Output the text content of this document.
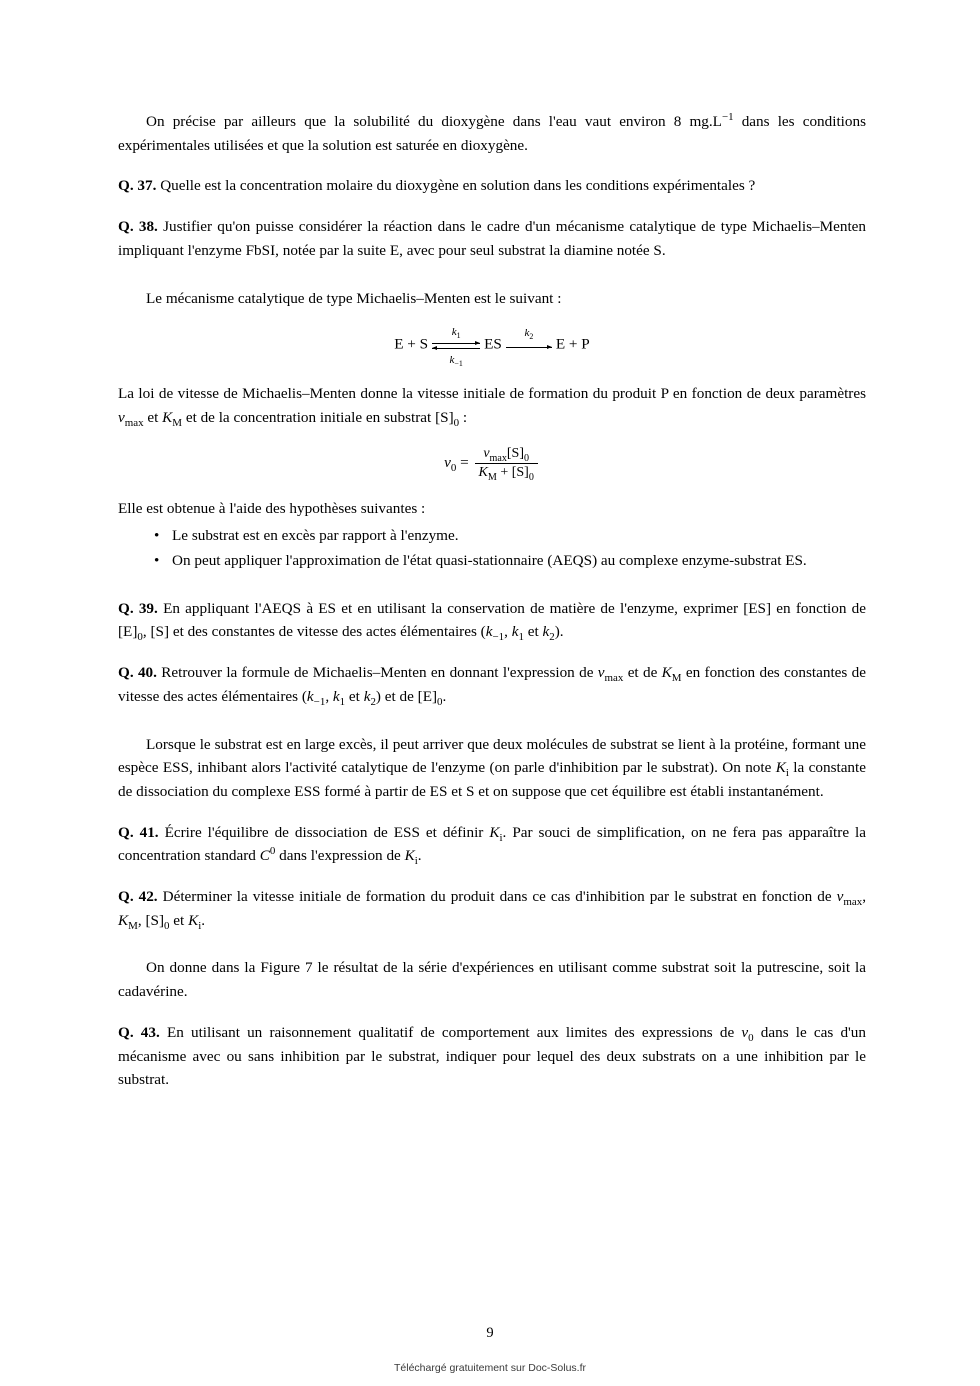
On précise par ailleurs que la solubilité du dioxygène dans l'eau vaut environ 8 $mg.L^{-1}$ dans les conditions expérimentales utilisées et que la solution est saturée en dioxygène.

Q. 37. Quelle est la concentration molaire du dioxygène en solution dans les conditions expérimentales ?

Q. 38. Justifier qu'on puisse considérer la réaction dans le cadre d'un mécanisme catalytique de type Michaelis–Menten impliquant l'enzyme FbSI, notée par la suite E, avec pour seul substrat la diamine notée S.

Le mécanisme catalytique de type Michaelis–Menten est le suivant :

E + S $\frac{k_1}{k_{-1}}$ ES
$k_2$ E + P

La loi de vitesse de Michaelis–Menten donne la vitesse initiale de formation du produit P en fonction de deux paramètres $v_{max}$ et $K_M$ et de la concentration initiale en substrat $[S]_0$ :

$v_0 = \frac{v_{max}[S]_0}{K_M + [S]_0}$

Elle est obtenue à l'aide des hypothèses suivantes :

• Le substrat est en excès par rapport à l'enzyme.
• On peut appliquer l'approximation de l'état quasi-stationnaire (AEQS) au complexe enzyme-substrat ES.

Q. 39. En appliquant l'AEQS à ES et en utilisant la conservation de matière de l'enzyme, exprimer [ES] en fonction de $[E]_0$, [S] et des constantes de vitesse des actes élémentaires ($k_{-1}$, $k_1$ et $k_2$).

Q. 40. Retrouver la formule de Michaelis–Menten en donnant l'expression de $v_{max}$ et de $K_M$ en fonction des constantes de vitesse des actes élémentaires ($k_{-1}$, $k_1$ et $k_2$) et de $[E]_0$.

Lorsque le substrat est en large excès, il peut arriver que deux molécules de substrat se lient à la protéine, formant une espèce ESS, inhibant alors l'activité catalytique de l'enzyme (on parle d'inhibition par le substrat). On note $K_i$ la constante de dissociation du complexe ESS formé à partir de ES et S et on suppose que cet équilibre est établi instantanément.

Q. 41. Écrire l'équilibre de dissociation de ESS et définir $K_i$. Par souci de simplification, on ne fera pas apparaître la concentration standard $C^0$ dans l'expression de $K_i$.

Q. 42. Déterminer la vitesse initiale de formation du produit dans ce cas d'inhibition par le substrat en fonction de $v_{max}$, $K_M$, $[S]_0$ et $K_i$.

On donne dans la Figure 7 le résultat de la série d'expériences en utilisant comme substrat soit la putrescine, soit la cadavérine.

Q. 43. En utilisant un raisonnement qualitatif de comportement aux limites des expressions de $v_0$ dans le cas d'un mécanisme avec ou sans inhibition par le substrat, indiquer pour lequel des deux substrats on a une inhibition par le substrat.

9
Téléchargé gratuitement sur Doc-Solus.fr
